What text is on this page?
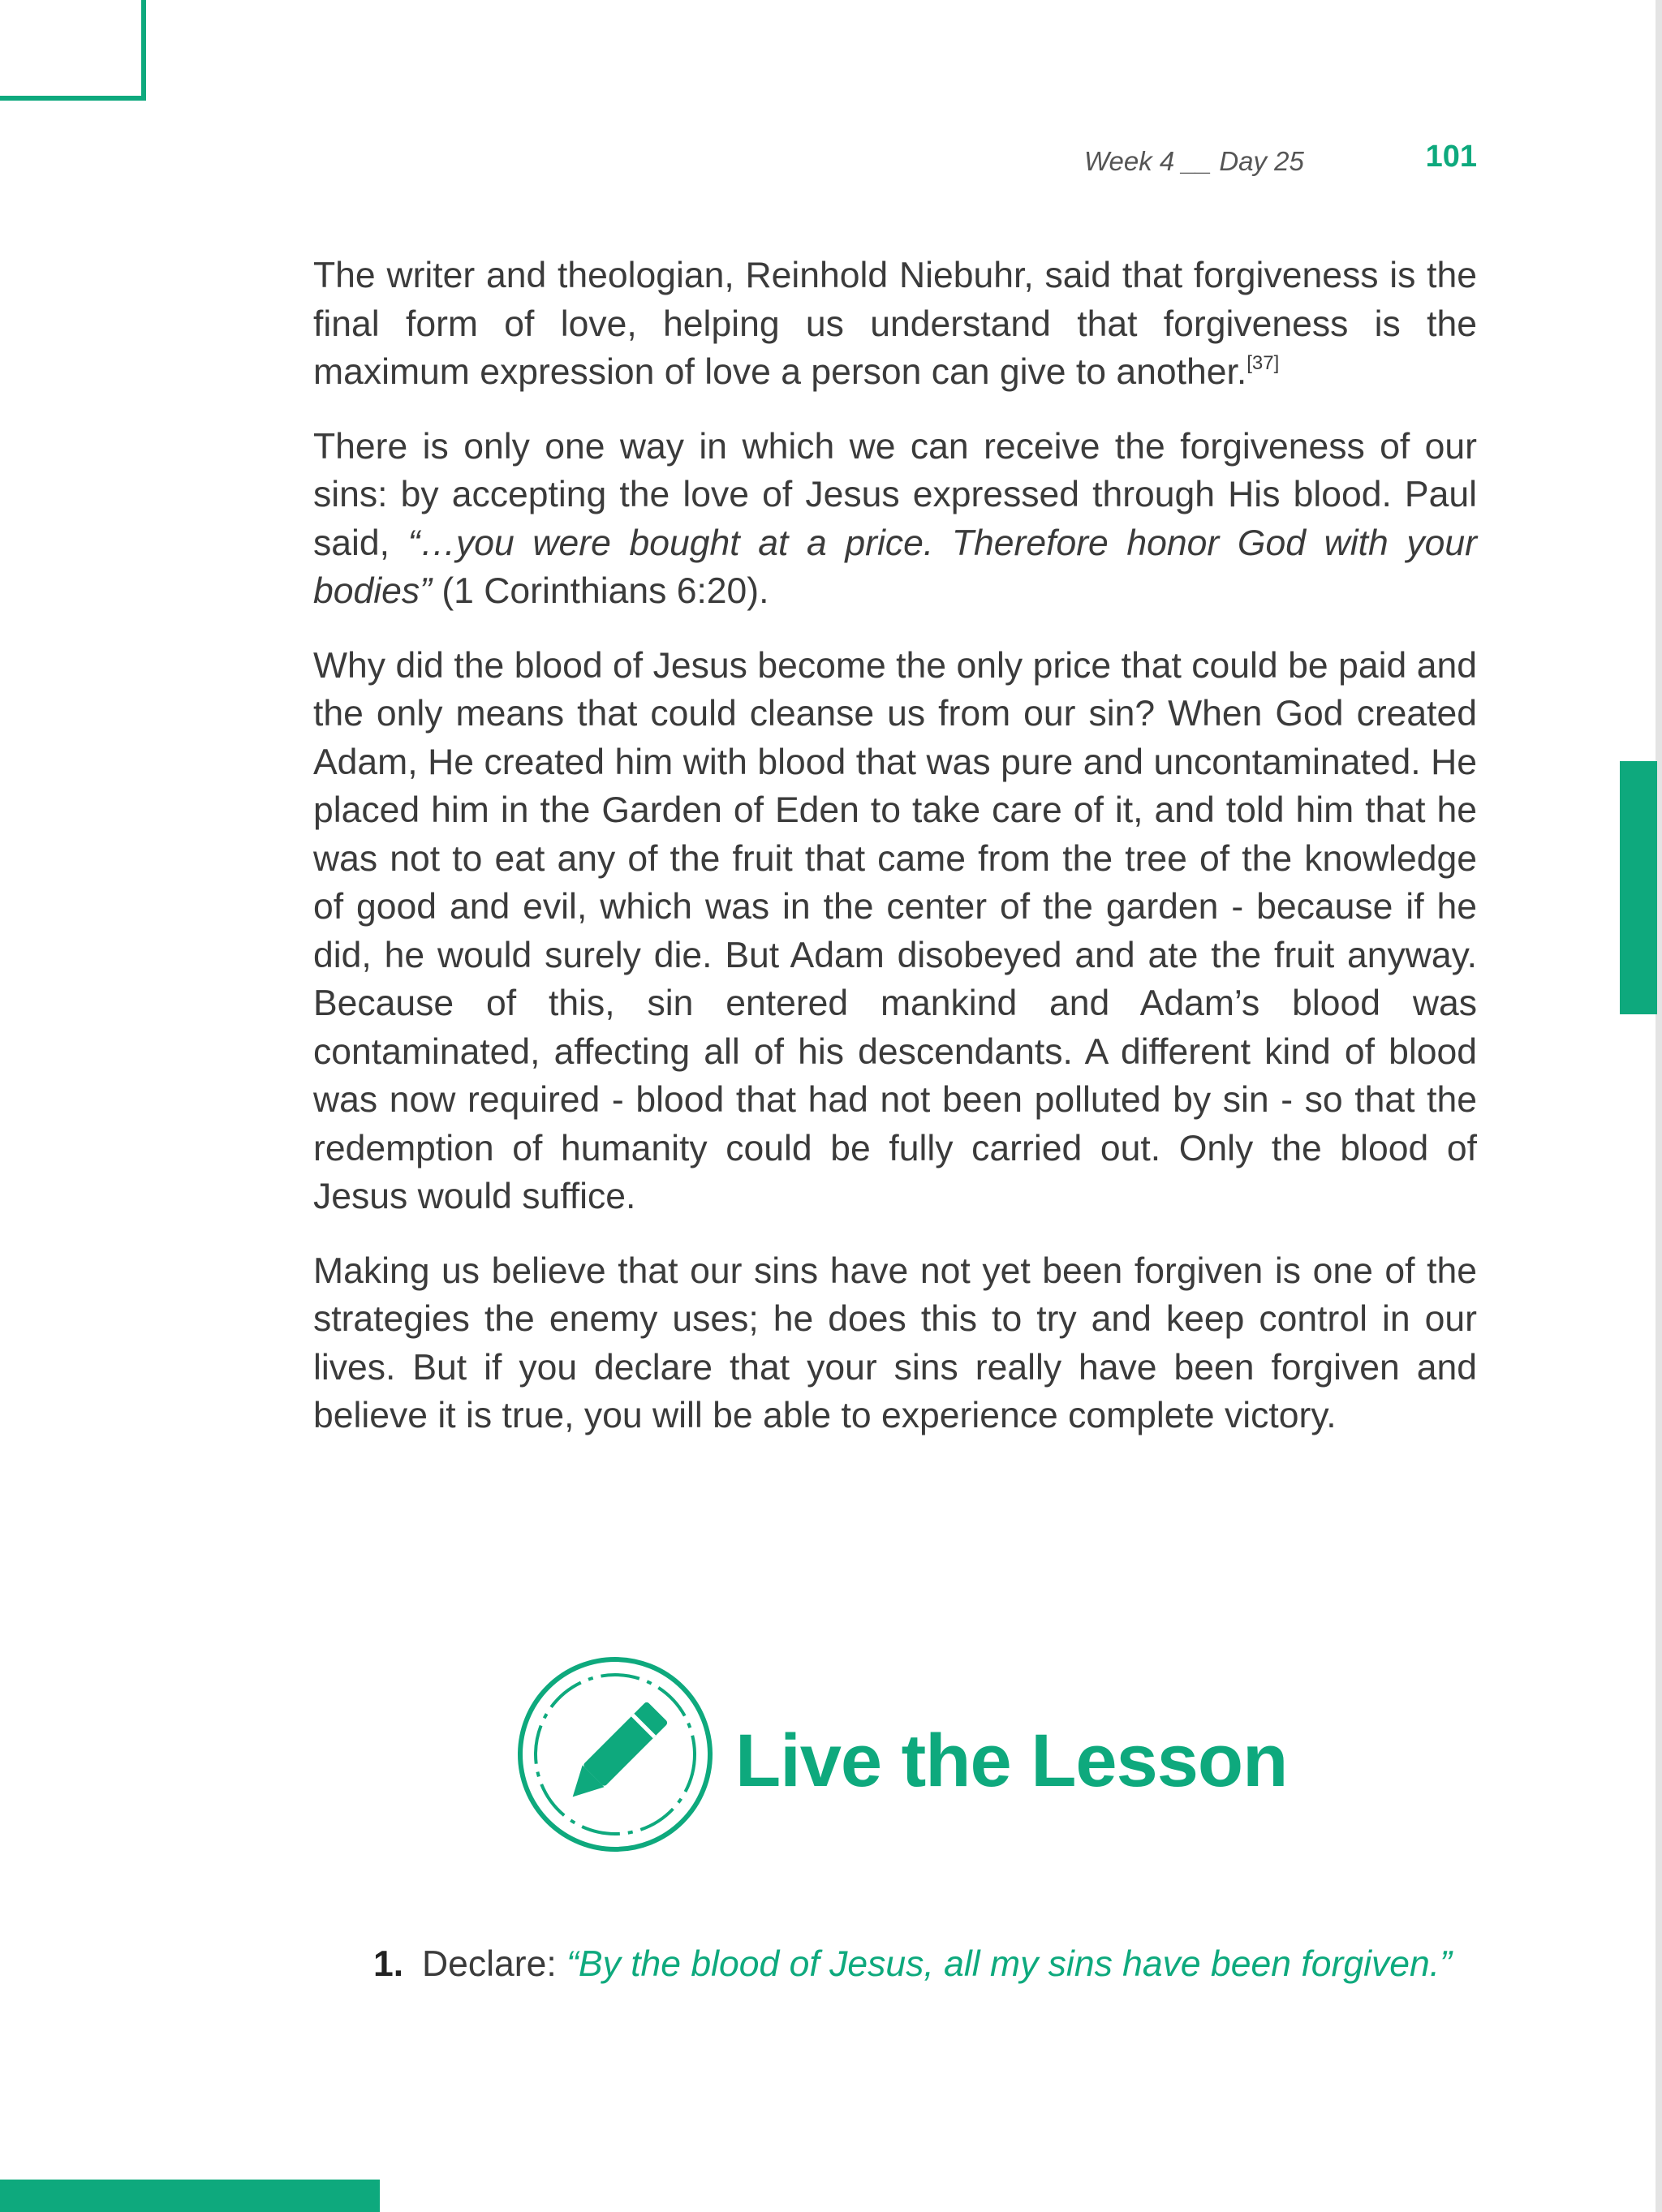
Week 4 __ Day 25	101

The writer and theologian, Reinhold Niebuhr, said that forgiveness is the final form of love, helping us understand that forgiveness is the maximum expression of love a person can give to another.[37]

There is only one way in which we can receive the forgiveness of our sins: by accepting the love of Jesus expressed through His blood. Paul said, “…you were bought at a price. Therefore honor God with your bodies” (1 Corinthians 6:20).

Why did the blood of Jesus become the only price that could be paid and the only means that could cleanse us from our sin? When God created Adam, He created him with blood that was pure and uncontaminated. He placed him in the Garden of Eden to take care of it, and told him that he was not to eat any of the fruit that came from the tree of the knowledge of good and evil, which was in the center of the garden - because if he did, he would surely die. But Adam disobeyed and ate the fruit anyway. Because of this, sin entered mankind and Adam’s blood was contaminated, affecting all of his descendants. A different kind of blood was now required - blood that had not been polluted by sin - so that the redemption of humanity could be fully carried out. Only the blood of Jesus would suffice.

Making us believe that our sins have not yet been forgiven is one of the strategies the enemy uses; he does this to try and keep control in our lives. But if you declare that your sins really have been forgiven and believe it is true, you will be able to experience complete victory.

Live the Lesson
1. Declare: “By the blood of Jesus, all my sins have been forgiven.”
